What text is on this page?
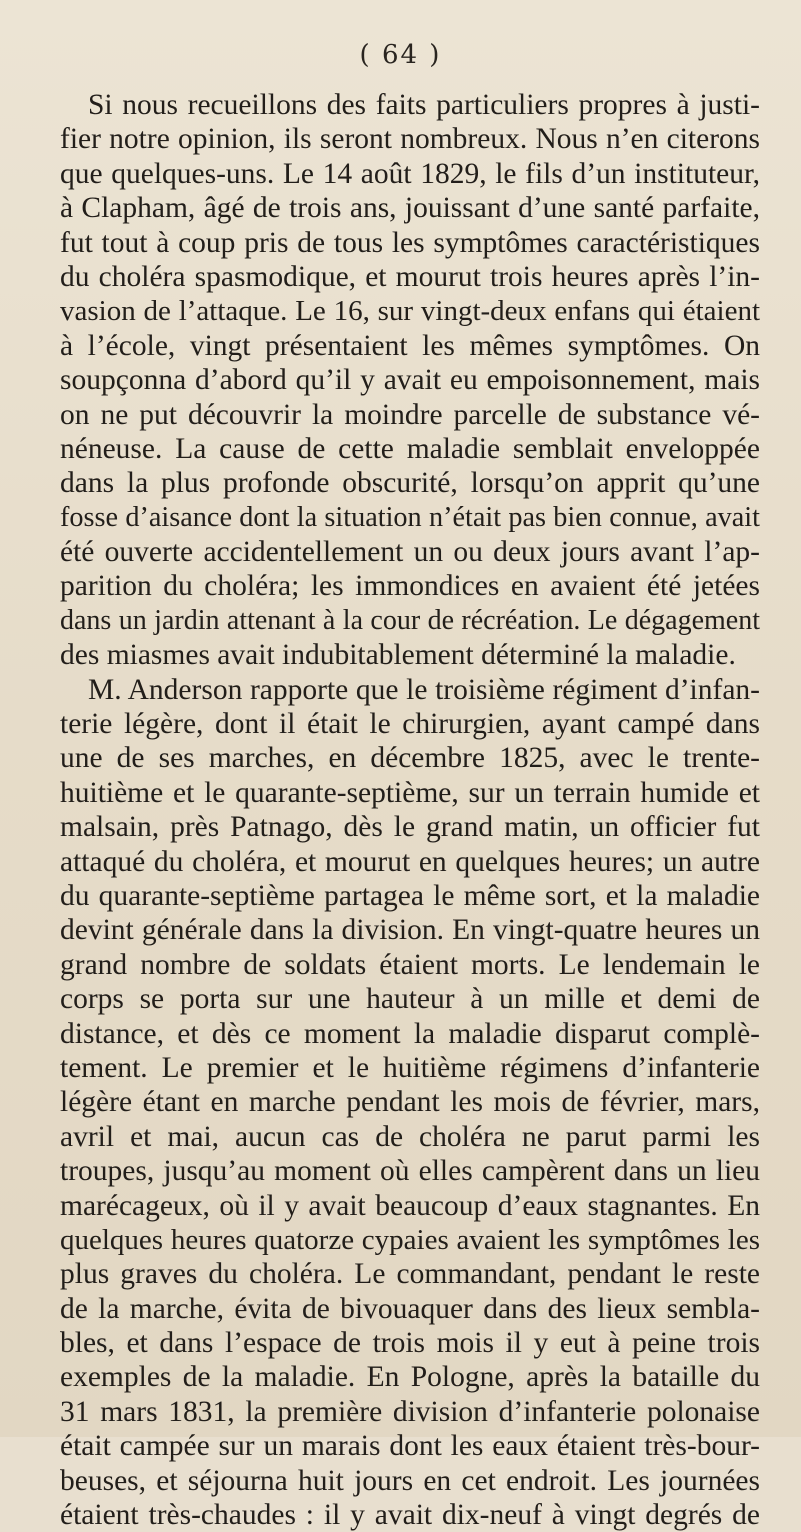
( 64 )
Si nous recueillons des faits particuliers propres à justi-
fier notre opinion, ils seront nombreux. Nous n’en citerons
que quelques-uns. Le 14 août 1829, le fils d’un instituteur,
à Clapham, âgé de trois ans, jouissant d’une santé parfaite,
fut tout à coup pris de tous les symptômes caractéristiques
du choléra spasmodique, et mourut trois heures après l’in-
vasion de l’attaque. Le 16, sur vingt-deux enfans qui étaient
à l’école, vingt présentaient les mêmes symptômes. On
soupçonna d’abord qu’il y avait eu empoisonnement, mais
on ne put découvrir la moindre parcelle de substance vé-
néneuse. La cause de cette maladie semblait enveloppée
dans la plus profonde obscurité, lorsqu’on apprit qu’une
fosse d’aisance dont la situation n’était pas bien connue, avait
été ouverte accidentellement un ou deux jours avant l’ap-
parition du choléra; les immondices en avaient été jetées
dans un jardin attenant à la cour de récréation. Le dégagement
des miasmes avait indubitablement déterminé la maladie.
M. Anderson rapporte que le troisième régiment d’infan-
terie légère, dont il était le chirurgien, ayant campé dans
une de ses marches, en décembre 1825, avec le trente-
huitième et le quarante-septième, sur un terrain humide et
malsain, près Patnago, dès le grand matin, un officier fut
attaqué du choléra, et mourut en quelques heures; un autre
du quarante-septième partagea le même sort, et la maladie
devint générale dans la division. En vingt-quatre heures un
grand nombre de soldats étaient morts. Le lendemain le
corps se porta sur une hauteur à un mille et demi de
distance, et dès ce moment la maladie disparut complè-
tement. Le premier et le huitième régimens d’infanterie
légère étant en marche pendant les mois de février, mars,
avril et mai, aucun cas de choléra ne parut parmi les
troupes, jusqu’au moment où elles campèrent dans un lieu
marécageux, où il y avait beaucoup d’eaux stagnantes. En
quelques heures quatorze cypaies avaient les symptômes les
plus graves du choléra. Le commandant, pendant le reste
de la marche, évita de bivouaquer dans des lieux sembla-
bles, et dans l’espace de trois mois il y eut à peine trois
exemples de la maladie. En Pologne, après la bataille du
31 mars 1831, la première division d’infanterie polonaise
était campée sur un marais dont les eaux étaient très-bour-
beuses, et séjourna huit jours en cet endroit. Les journées
étaient très-chaudes : il y avait dix-neuf à vingt degrés de
